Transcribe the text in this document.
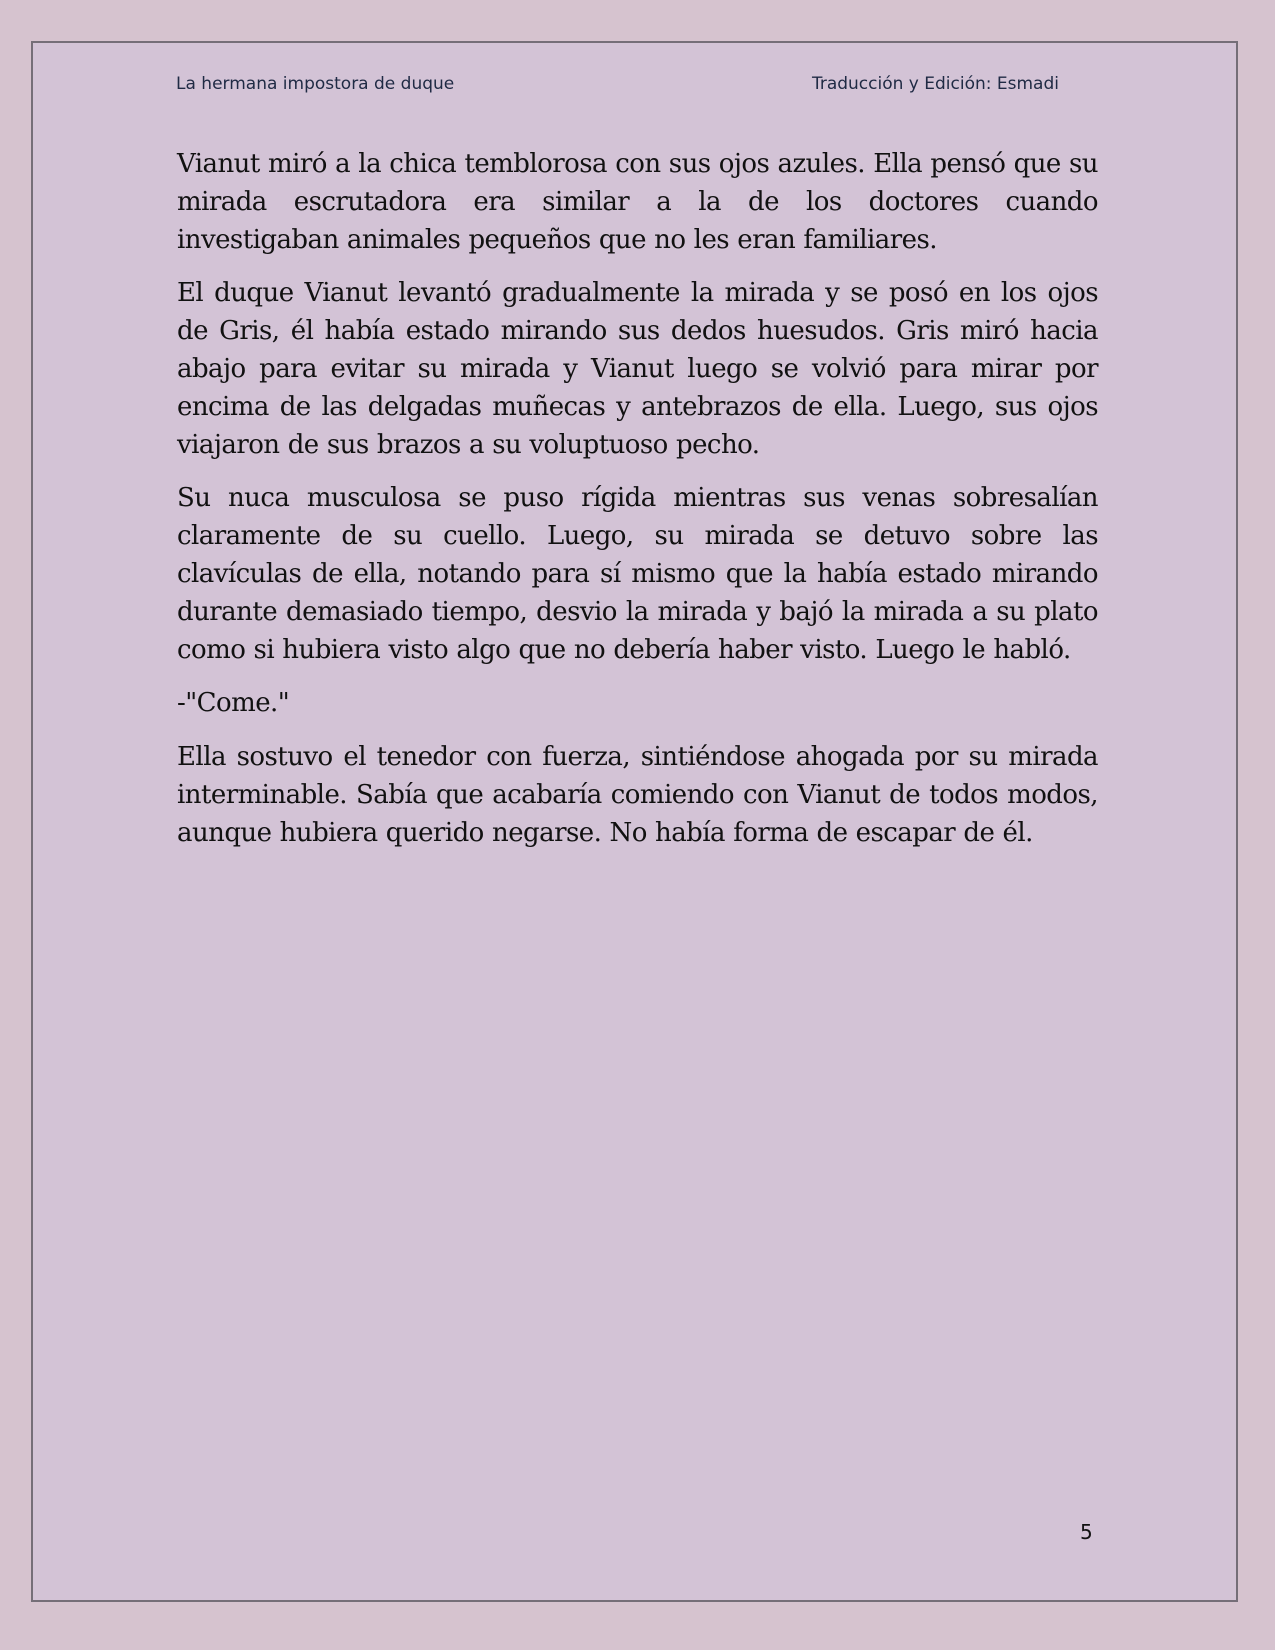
La hermana impostora de duque	Traducción y Edición: Esmadi

Vianut miró a la chica temblorosa con sus ojos azules. Ella pensó que su mirada escrutadora era similar a la de los doctores cuando investigaban animales pequeños que no les eran familiares.

El duque Vianut levantó gradualmente la mirada y se posó en los ojos de Gris, él había estado mirando sus dedos huesudos. Gris miró hacia abajo para evitar su mirada y Vianut luego se volvió para mirar por encima de las delgadas muñecas y antebrazos de ella. Luego, sus ojos viajaron de sus brazos a su voluptuoso pecho.

Su nuca musculosa se puso rígida mientras sus venas sobresalían claramente de su cuello. Luego, su mirada se detuvo sobre las clavículas de ella, notando para sí mismo que la había estado mirando durante demasiado tiempo, desvio la mirada y bajó la mirada a su plato como si hubiera visto algo que no debería haber visto. Luego le habló.

-"Come."

Ella sostuvo el tenedor con fuerza, sintiéndose ahogada por su mirada interminable. Sabía que acabaría comiendo con Vianut de todos modos, aunque hubiera querido negarse. No había forma de escapar de él.

5
